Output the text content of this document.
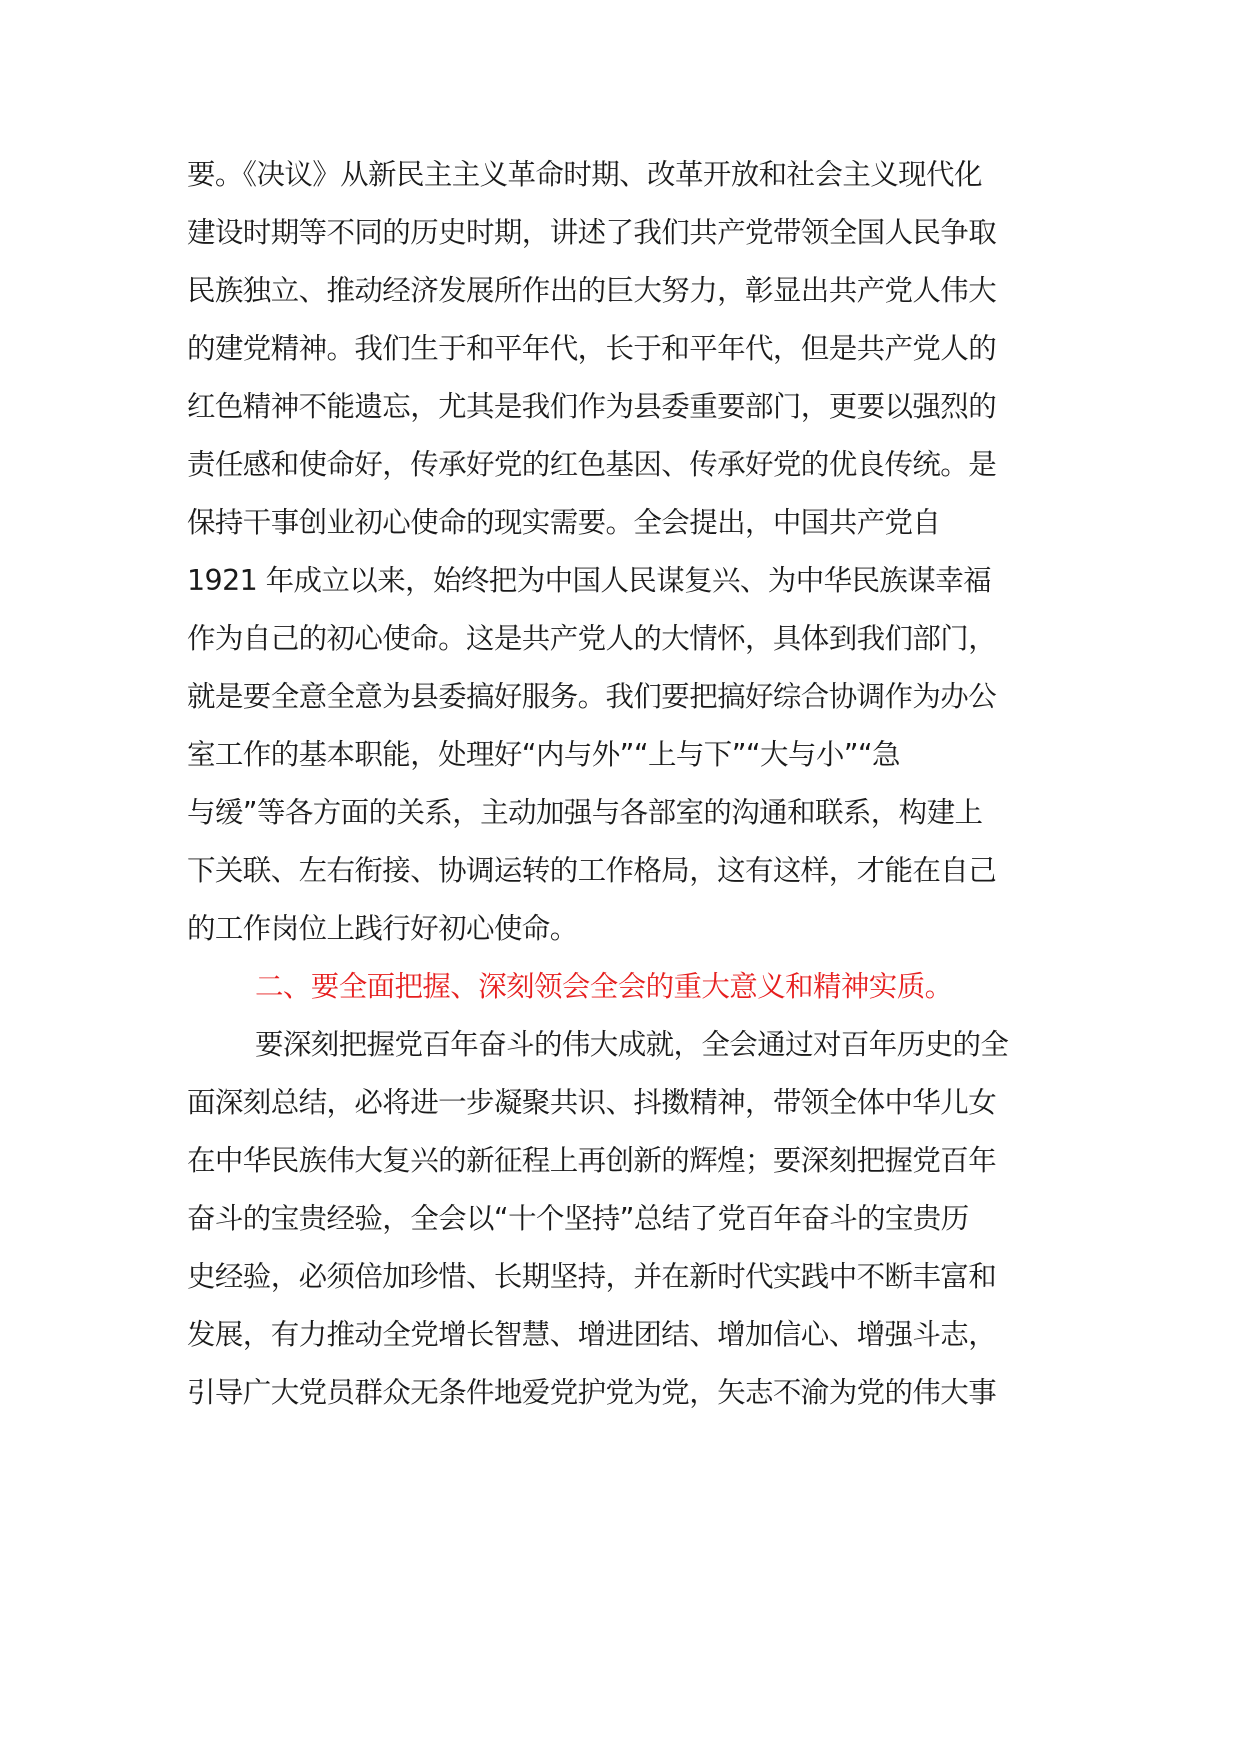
要。《决议》从新民主主义革命时期、改革开放和社会主义现代化
建设时期等不同的历史时期，讲述了我们共产党带领全国人民争取
民族独立、推动经济发展所作出的巨大努力，彰显出共产党人伟大
的建党精神。我们生于和平年代，长于和平年代，但是共产党人的
红色精神不能遗忘，尤其是我们作为县委重要部门，更要以强烈的
责任感和使命好，传承好党的红色基因、传承好党的优良传统。是
保持干事创业初心使命的现实需要。全会提出，中国共产党自
1921 年成立以来，始终把为中国人民谋复兴、为中华民族谋幸福
作为自己的初心使命。这是共产党人的大情怀，具体到我们部门，
就是要全意全意为县委搞好服务。我们要把搞好综合协调作为办公
室工作的基本职能，处理好“内与外”“上与下”“大与小”“急
与缓”等各方面的关系，主动加强与各部室的沟通和联系，构建上
下关联、左右衔接、协调运转的工作格局，这有这样，才能在自己
的工作岗位上践行好初心使命。
二、要全面把握、深刻领会全会的重大意义和精神实质。
要深刻把握党百年奋斗的伟大成就，全会通过对百年历史的全
面深刻总结，必将进一步凝聚共识、抖擞精神，带领全体中华儿女
在中华民族伟大复兴的新征程上再创新的辉煌；要深刻把握党百年
奋斗的宝贵经验，全会以“十个坚持”总结了党百年奋斗的宝贵历
史经验，必须倍加珍惜、长期坚持，并在新时代实践中不断丰富和
发展，有力推动全党增长智慧、增进团结、增加信心、增强斗志，
引导广大党员群众无条件地爱党护党为党，矢志不渝为党的伟大事
